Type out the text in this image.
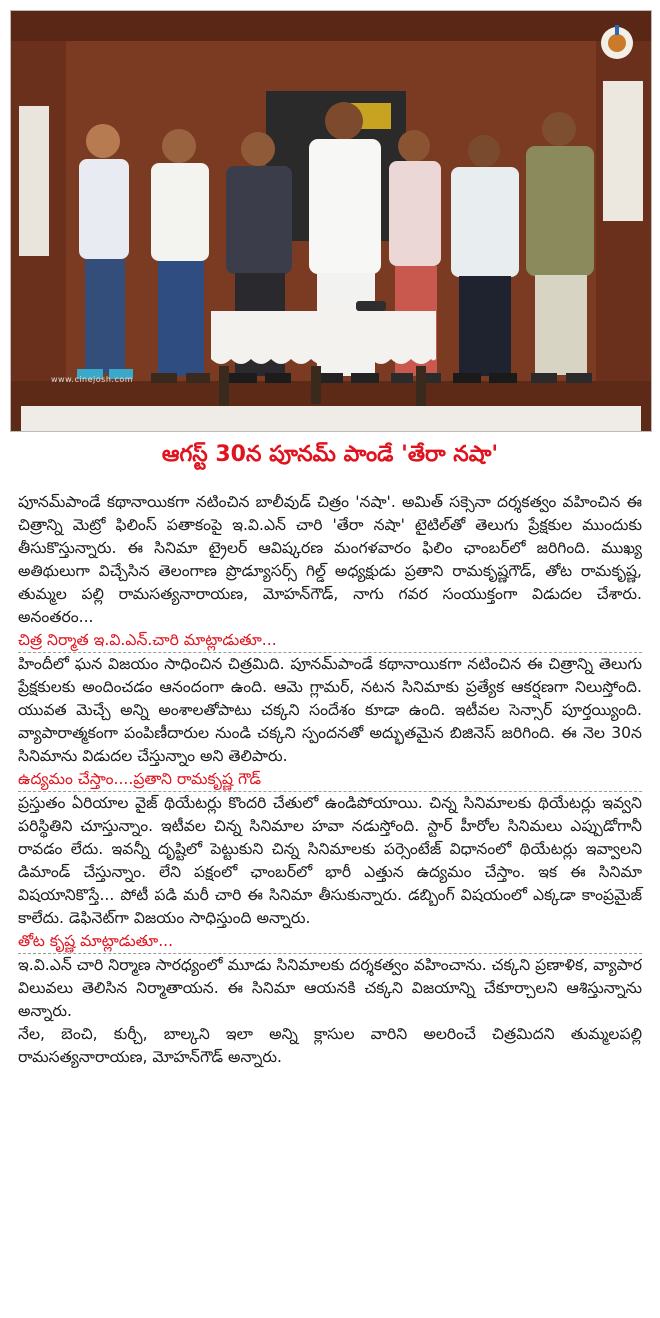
www.cinejosh.com
ఆగస్ట్ 30న పూనమ్ పాండే 'తేరా నషా'

పూనమ్‌పాండే కథానాయికగా నటించిన బాలీవుడ్ చిత్రం 'నషా'. అమిత్ సక్సెనా దర్శకత్వం వహించిన ఈ చిత్రాన్ని మెట్రో ఫిలింస్ పతాకంపై ఇ.వి.ఎన్ చారి 'తేరా నషా' టైటిల్‌తో తెలుగు ప్రేక్షకుల ముందుకు తీసుకొస్తున్నారు. ఈ సినిమా ట్రైలర్ ఆవిష్కరణ మంగళవారం ఫిలిం ఛాంబర్‌లో జరిగింది. ముఖ్య అతిథులుగా విచ్చేసిన తెలంగాణ ప్రొడ్యూసర్స్ గిల్డ్ అధ్యక్షుడు ప్రతాని రామకృష్ణగౌడ్, తోట రామకృష్ణ, తుమ్మల పల్లి రామసత్యనారాయణ, మోహన్‌గౌడ్, నాగు గవర సంయుక్తంగా విడుదల చేశారు. అనంతరం...

చిత్ర నిర్మాత ఇ.వి.ఎన్.చారి మాట్లాడుతూ...

హిందీలో ఘన విజయం సాధించిన చిత్రమిది. పూనమ్‌పాండే కథానాయికగా నటించిన ఈ చిత్రాన్ని తెలుగు ప్రేక్షకులకు అందించడం ఆనందంగా ఉంది. ఆమె గ్లామర్, నటన సినిమాకు ప్రత్యేక ఆకర్షణగా నిలుస్తోంది. యువత మెచ్చే అన్ని అంశాలతోపాటు చక్కని సందేశం కూడా ఉంది. ఇటీవల సెన్సార్ పూర్తయ్యింది. వ్యాపారాత్మకంగా పంపిణీదారుల నుండి చక్కని స్పందనతో అద్భుతమైన బిజినెస్ జరిగింది. ఈ నెల 30న సినిమాను విడుదల చేస్తున్నాం అని తెలిపారు.

ఉద్యమం చేస్తాం....ప్రతాని రామకృష్ణ గౌడ్

ప్రస్తుతం ఏరియాల వైజ్ థియేటర్లు కొందరి చేతులో ఉండిపోయాయి. చిన్న సినిమాలకు థియేటర్లు ఇవ్వని పరిస్థితిని చూస్తున్నాం. ఇటీవల చిన్న సినిమాల హవా నడుస్తోంది. స్టార్ హీరోల సినిమలు ఎప్పుడోగానీ రావడం లేదు. ఇవన్నీ దృష్టిలో పెట్టుకుని చిన్న సినిమాలకు పర్సెంటేజ్ విధానంలో థియేటర్లు ఇవ్వాలని డిమాండ్ చేస్తున్నాం. లేని పక్షంలో ఛాంబర్‌లో భారీ ఎత్తున ఉద్యమం చేస్తాం. ఇక ఈ సినిమా విషయానికొస్తే... పోటీ పడి మరీ చారి ఈ సినిమా తీసుకున్నారు. డబ్బింగ్ విషయంలో ఎక్కడా కాంప్రమైజ్ కాలేదు. డెఫినెట్‌గా విజయం సాధిస్తుంది అన్నారు.

తోట కృష్ణ మాట్లాడుతూ...

ఇ.వి.ఎన్ చారి నిర్మాణ సారధ్యంలో మూడు సినిమాలకు దర్శకత్వం వహించాను. చక్కని ప్రణాళిక, వ్యాపార విలువలు తెలిసిన నిర్మాతాయన. ఈ సినిమా ఆయనకి చక్కని విజయాన్ని చేకూర్చాలని ఆశిస్తున్నాను అన్నారు.

నేల, బెంచి, కుర్చీ, బాల్కని ఇలా అన్ని క్లాసుల వారిని అలరించే చిత్రమిదని తుమ్మలపల్లి రామసత్యనారాయణ, మోహన్‌గౌడ్ అన్నారు.
